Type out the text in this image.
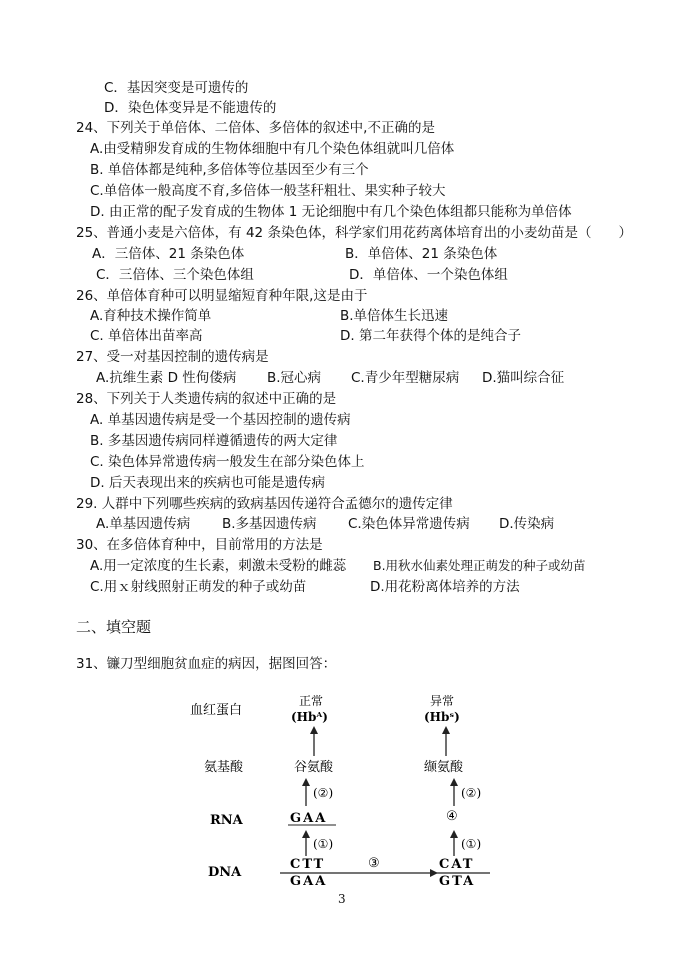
C．基因突变是可遗传的
D．染色体变异是不能遗传的
24、下列关于单倍体、二倍体、多倍体的叙述中,不正确的是
A.由受精卵发育成的生物体细胞中有几个染色体组就叫几倍体
B. 单倍体都是纯种,多倍体等位基因至少有三个
C.单倍体一般高度不育,多倍体一般茎秆粗壮、果实种子较大
D. 由正常的配子发育成的生物体 1 无论细胞中有几个染色体组都只能称为单倍体
25、普通小麦是六倍体，有 42 条染色体，科学家们用花药离体培育出的小麦幼苗是（　　）
A．三倍体、21 条染色体	B．单倍体、21 条染色体
C．三倍体、三个染色体组	D．单倍体、一个染色体组
26、单倍体育种可以明显缩短育种年限,这是由于
A.育种技术操作简单	B.单倍体生长迅速
C. 单倍体出苗率高	D. 第二年获得个体的是纯合子
27、受一对基因控制的遗传病是
A.抗维生素 D 性佝偻病 B.冠心病 C.青少年型糖尿病 D.猫叫综合征
28、下列关于人类遗传病的叙述中正确的是
A. 单基因遗传病是受一个基因控制的遗传病
B. 多基因遗传病同样遵循遗传的两大定律
C. 染色体异常遗传病一般发生在部分染色体上
D. 后天表现出来的疾病也可能是遗传病
29. 人群中下列哪些疾病的致病基因传递符合孟德尔的遗传定律
A.单基因遗传病 B.多基因遗传病 C.染色体异常遗传病 D.传染病
30、在多倍体育种中，目前常用的方法是
A.用一定浓度的生长素，刺激未受粉的雌蕊 B.用秋水仙素处理正萌发的种子或幼苗
C.用ｘ射线照射正萌发的种子或幼苗	D.用花粉离体培养的方法
二、填空题
31、镰刀型细胞贫血症的病因，据图回答：
血红蛋白
氨基酸
RNA
DNA
正常
(Hbᴬ)
谷氨酸
(②)
GAA
(①)
CTT
GAA
③
异常
(Hbˢ)
缬氨酸
(②)
④
(①)
CAT
GTA
3
